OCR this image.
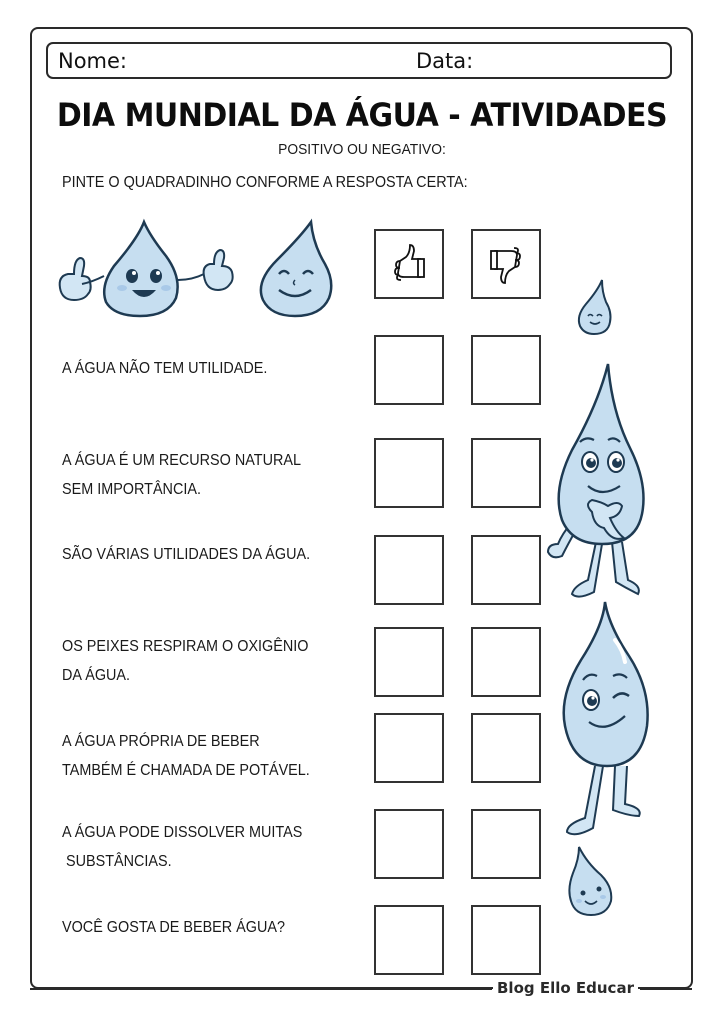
Nome:	Data:
DIA MUNDIAL DA ÁGUA - ATIVIDADES
POSITIVO OU NEGATIVO:
PINTE O QUADRADINHO CONFORME A RESPOSTA CERTA:
A ÁGUA NÃO TEM UTILIDADE.
A ÁGUA É UM RECURSO NATURAL
SEM IMPORTÂNCIA.
SÃO VÁRIAS UTILIDADES DA ÁGUA.
OS PEIXES RESPIRAM O OXIGÊNIO
DA ÁGUA.
A ÁGUA PRÓPRIA DE BEBER
TAMBÉM É CHAMADA DE POTÁVEL.
A ÁGUA PODE DISSOLVER MUITAS
SUBSTÂNCIAS.
VOCÊ GOSTA DE BEBER ÁGUA?
Blog Ello Educar
